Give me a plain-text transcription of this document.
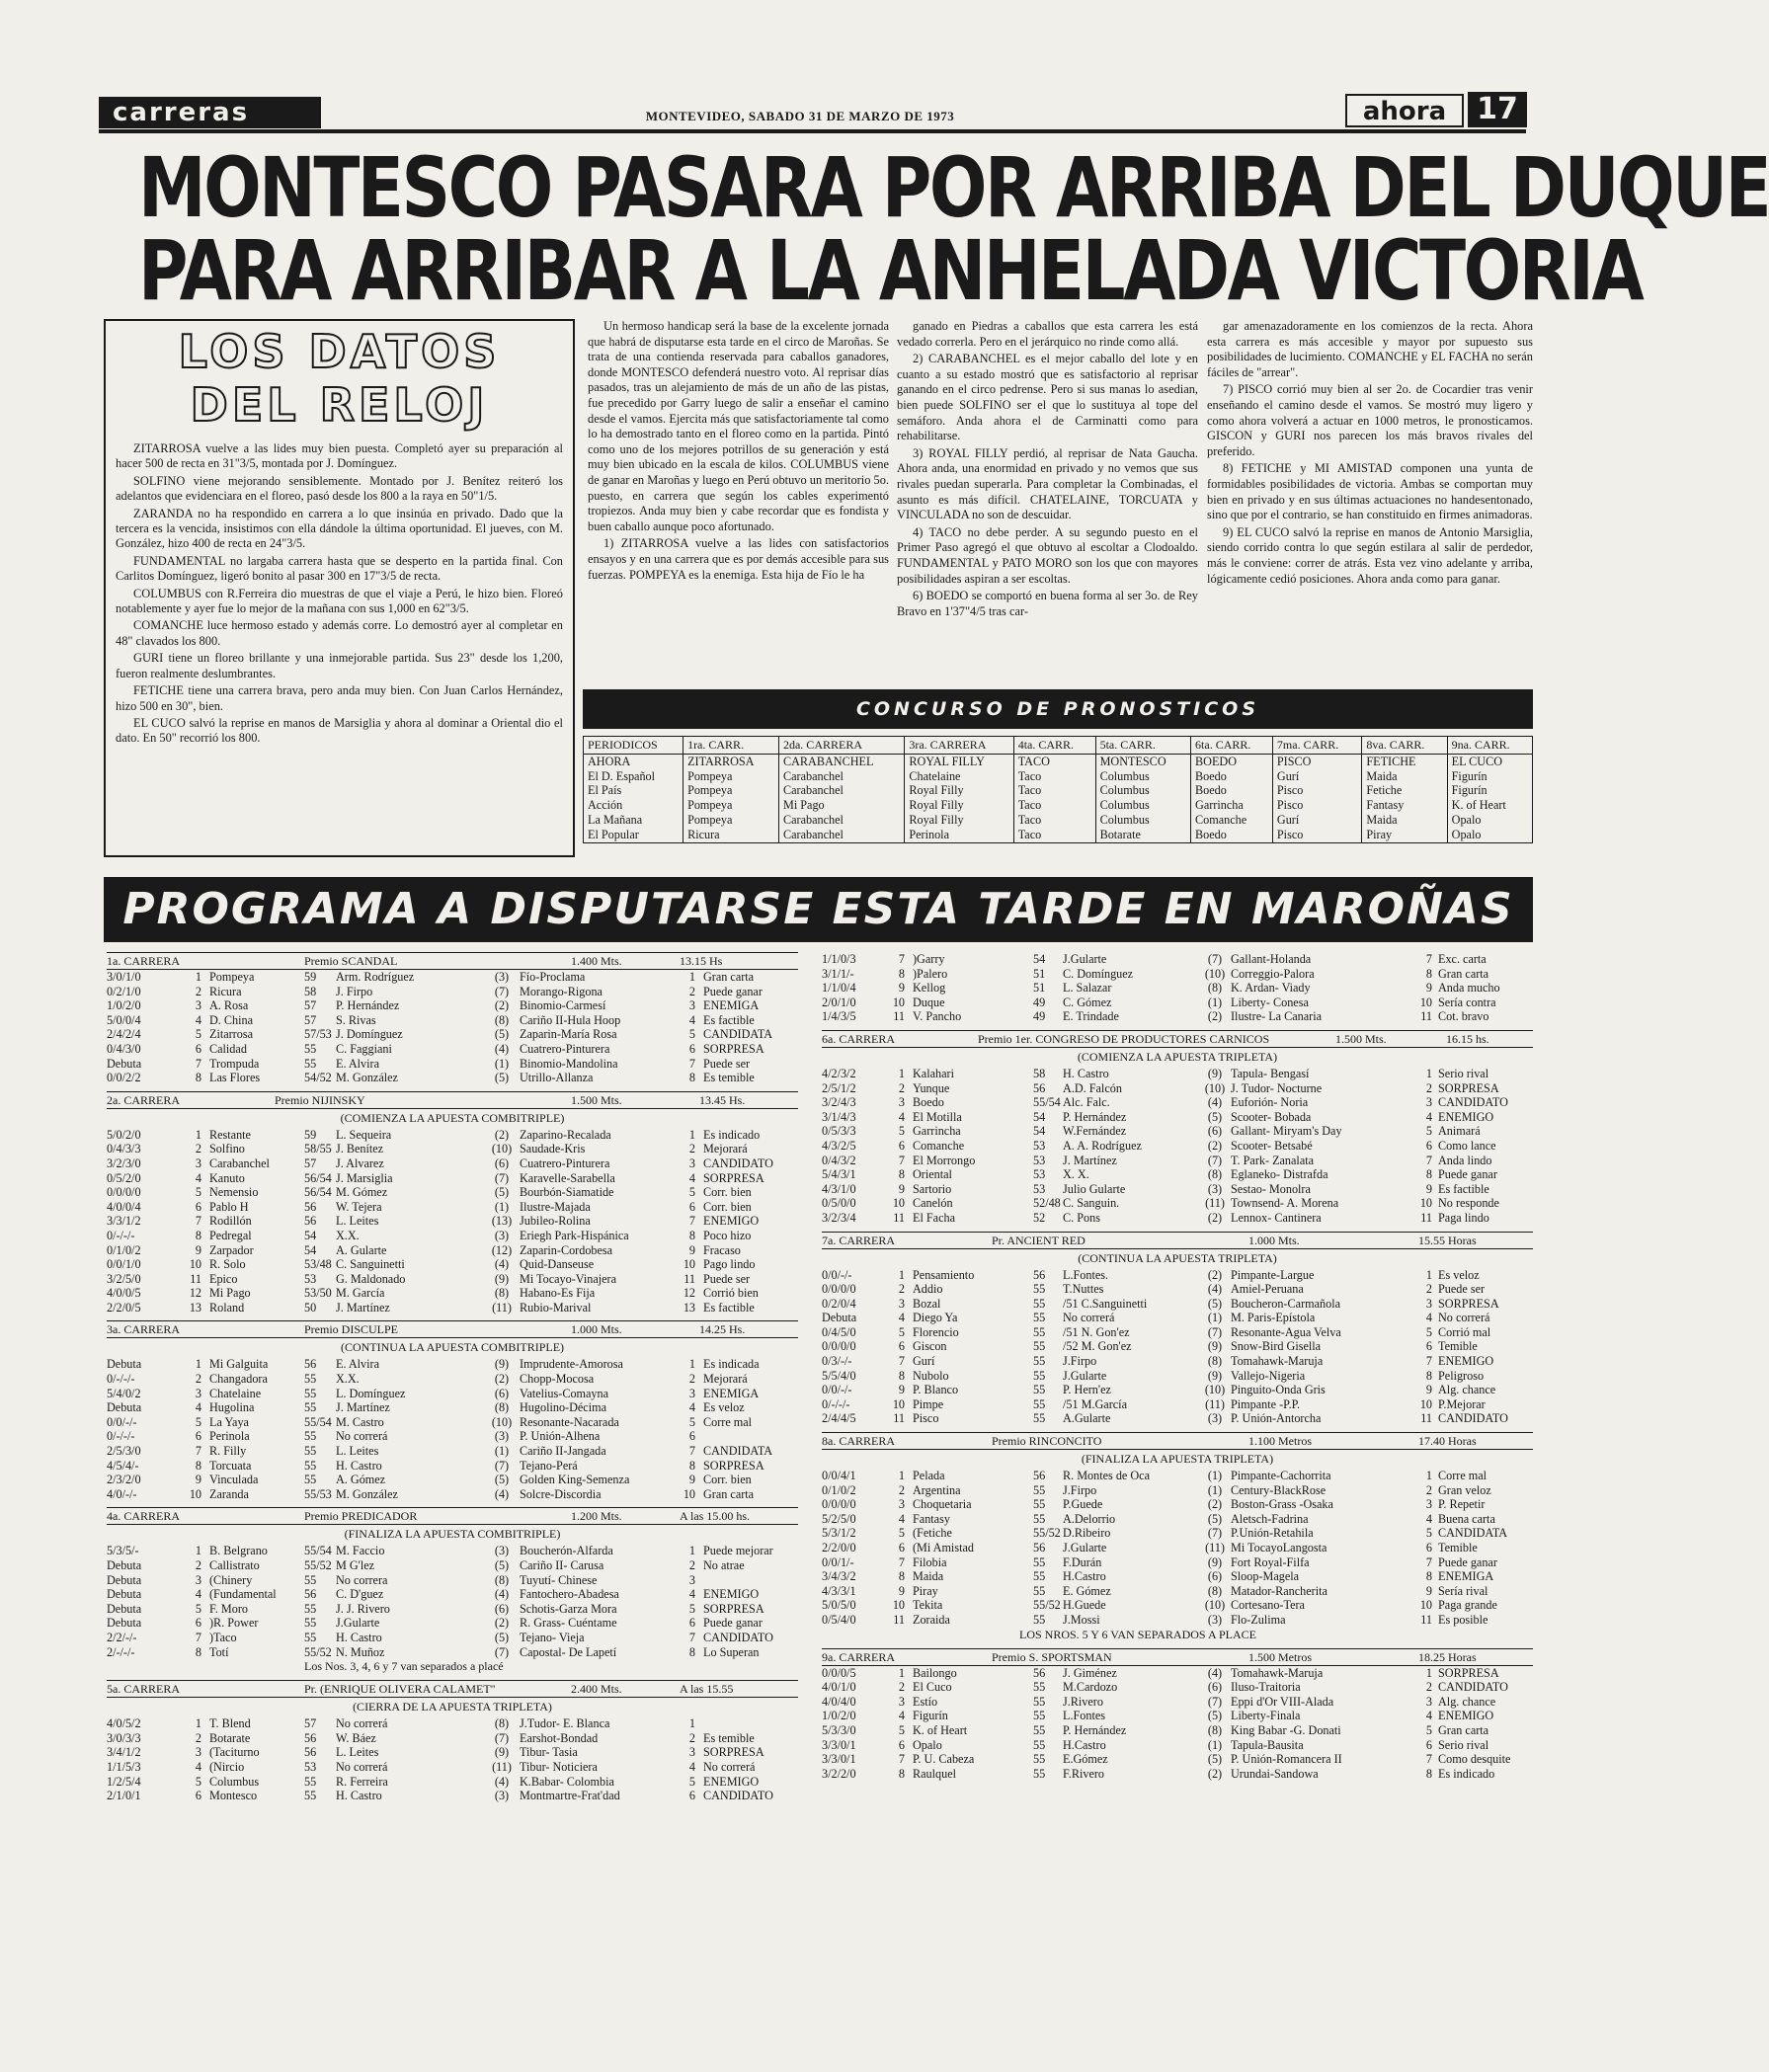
carreras	MONTEVIDEO, SABADO 31 DE MARZO DE 1973	ahora	17
MONTESCO PASARA POR ARRIBA DEL DUQUE
PARA ARRIBAR A LA ANHELADA VICTORIA
LOS DATOS
DEL RELOJ

ZITARROSA vuelve a las lides muy bien puesta. Completó ayer su preparación al hacer 500 de recta en 31"3/5, montada por J. Domínguez.

SOLFINO viene mejorando sensiblemente. Montado por J. Benítez reiteró los adelantos que evidenciara en el floreo, pasó desde los 800 a la raya en 50"1/5.

ZARANDA no ha respondido en carrera a lo que insinúa en privado. Dado que la tercera es la vencida, insistimos con ella dándole la última oportunidad. El jueves, con M. González, hizo 400 de recta en 24"3/5.

FUNDAMENTAL no largaba carrera hasta que se desperto en la partida final. Con Carlitos Domínguez, ligeró bonito al pasar 300 en 17"3/5 de recta.

COLUMBUS con R.Ferreira dio muestras de que el viaje a Perú, le hizo bien. Floreó notablemente y ayer fue lo mejor de la mañana con sus 1,000 en 62"3/5.

COMANCHE luce hermoso estado y además corre. Lo demostró ayer al completar en 48" clavados los 800.

GURI tiene un floreo brillante y una inmejorable partida. Sus 23" desde los 1,200, fueron realmente deslumbrantes.

FETICHE tiene una carrera brava, pero anda muy bien. Con Juan Carlos Hernández, hizo 500 en 30", bien.

EL CUCO salvó la reprise en manos de Marsiglia y ahora al dominar a Oriental dio el dato. En 50" recorrió los 800.

Un hermoso handicap será la base de la excelente jornada que habrá de disputarse esta tarde en el circo de Maroñas. Se trata de una contienda reservada para caballos ganadores, donde MONTESCO defenderá nuestro voto. Al reprisar días pasados, tras un alejamiento de más de un año de las pistas, fue precedido por Garry luego de salir a enseñar el camino desde el vamos. Ejercita más que satisfactoriamente tal como lo ha demostrado tanto en el floreo como en la partida. Pintó como uno de los mejores potrillos de su generación y está muy bien ubicado en la escala de kilos. COLUMBUS viene de ganar en Maroñas y luego en Perú obtuvo un meritorio 5o. puesto, en carrera que según los cables experimentó tropiezos. Anda muy bien y cabe recordar que es fondista y buen caballo aunque poco afortunado.

1) ZITARROSA vuelve a las lides con satisfactorios ensayos y en una carrera que es por demás accesible para sus fuerzas. POMPEYA es la enemiga. Esta hija de Fío le ha

ganado en Piedras a caballos que esta carrera les está vedado correrla. Pero en el jerárquico no rinde como allá.

2) CARABANCHEL es el mejor caballo del lote y en cuanto a su estado mostró que es satisfactorio al reprisar ganando en el circo pedrense. Pero si sus manas lo asedian, bien puede SOLFINO ser el que lo sustituya al tope del semáforo. Anda ahora el de Carminatti como para rehabilitarse.

3) ROYAL FILLY perdió, al reprisar de Nata Gaucha. Ahora anda, una enormidad en privado y no vemos que sus rivales puedan superarla. Para completar la Combinadas, el asunto es más difícil. CHATELAINE, TORCUATA y VINCULADA no son de descuidar.

4) TACO no debe perder. A su segundo puesto en el Primer Paso agregó el que obtuvo al escoltar a Clodoaldo. FUNDAMENTAL y PATO MORO son los que con mayores posibilidades aspiran a ser escoltas.

6) BOEDO se comportó en buena forma al ser 3o. de Rey Bravo en 1'37"4/5 tras car-

gar amenazadoramente en los comienzos de la recta. Ahora esta carrera es más accesible y mayor por supuesto sus posibilidades de lucimiento. COMANCHE y EL FACHA no serán fáciles de "arrear".

7) PISCO corrió muy bien al ser 2o. de Cocardier tras venir enseñando el camino desde el vamos. Se mostró muy ligero y como ahora volverá a actuar en 1000 metros, le pronosticamos. GISCON y GURI nos parecen los más bravos rivales del preferido.

8) FETICHE y MI AMISTAD componen una yunta de formidables posibilidades de victoria. Ambas se comportan muy bien en privado y en sus últimas actuaciones no handesentonado, sino que por el contrario, se han constituido en firmes animadoras.

9) EL CUCO salvó la reprise en manos de Antonio Marsiglia, siendo corrido contra lo que según estilara al salir de perdedor, más le conviene: correr de atrás. Esta vez vino adelante y arriba, lógicamente cedió posiciones. Ahora anda como para ganar.

CONCURSO DE PRONOSTICOS
PERIODICOS	1ra. CARR.	2da. CARRERA	3ra. CARRERA	4ta. CARR.	5ta. CARR.	6ta. CARR.	7ma. CARR.	8va. CARR.	9na. CARR.
AHORA	ZITARROSA	CARABANCHEL	ROYAL FILLY	TACO	MONTESCO	BOEDO	PISCO	FETICHE	EL CUCO
El D. Español	Pompeya	Carabanchel	Chatelaine	Taco	Columbus	Boedo	Gurí	Maida	Figurín
El País	Pompeya	Carabanchel	Royal Filly	Taco	Columbus	Boedo	Pisco	Fetiche	Figurín
Acción	Pompeya	Mi Pago	Royal Filly	Taco	Columbus	Garrincha	Pisco	Fantasy	K. of Heart
La Mañana	Pompeya	Carabanchel	Royal Filly	Taco	Columbus	Comanche	Gurí	Maida	Opalo
El Popular	Ricura	Carabanchel	Perinola	Taco	Botarate	Boedo	Pisco	Piray	Opalo
PROGRAMA A DISPUTARSE ESTA TARDE EN MAROÑAS
1a. CARRERA	Premio SCANDAL	1.400 Mts.	13.15 Hs
3/0/1/0	1 Pompeya	59 Arm. Rodríguez	(3) Fío-Proclama	1 Gran carta
0/2/1/0	2 Ricura	58 J. Firpo	(7) Morango-Rigona	2 Puede ganar
1/0/2/0	3 A. Rosa	57 P. Hernández	(2) Binomio-Carmesí	3 ENEMIGA
5/0/0/4	4 D. China	57 S. Rivas	(8) Cariño II-Hula Hoop	4 Es factible
2/4/2/4	5 Zitarrosa	57/53 J. Domínguez	(5) Zaparin-María Rosa	5 CANDIDATA
0/4/3/0	6 Calidad	55 C. Faggiani	(4) Cuatrero-Pinturera	6 SORPRESA
Debuta	7 Trompuda	55 E. Alvira	(1) Binomio-Mandolina	7 Puede ser
0/0/2/2	8 Las Flores	54/52 M. González	(5) Utrillo-Allanza	8 Es temible
2a. CARRERA	Premio NIJINSKY	1.500 Mts.	13.45 Hs.
(COMIENZA LA APUESTA COMBITRIPLE)
5/0/2/0	1 Restante	59 L. Sequeira	(2) Zaparino-Recalada	1 Es indicado
0/4/3/3	2 Solfino	58/55 J. Benítez	(10) Saudade-Kris	2 Mejorará
3/2/3/0	3 Carabanchel	57 J. Alvarez	(6) Cuatrero-Pinturera	3 CANDIDATO
0/5/2/0	4 Kanuto	56/54 J. Marsiglia	(7) Karavelle-Sarabella	4 SORPRESA
0/0/0/0	5 Nemensio	56/54 M. Gómez	(5) Bourbón-Siamatide	5 Corr. bien
4/0/0/4	6 Pablo H	56 W. Tejera	(1) Ilustre-Majada	6 Corr. bien
3/3/1/2	7 Rodillón	56 L. Leites	(13) Jubileo-Rolina	7 ENEMIGO
0/-/-/-	8 Pedregal	54 X.X.	(3) Eriegh Park-Hispánica	8 Poco hizo
0/1/0/2	9 Zarpador	54 A. Gularte	(12) Zaparin-Cordobesa	9 Fracaso
0/0/1/0	10 R. Solo	53/48 C. Sanguinetti	(4) Quid-Danseuse	10 Pago lindo
3/2/5/0	11 Epico	53 G. Maldonado	(9) Mi Tocayo-Vinajera	11 Puede ser
4/0/0/5	12 Mi Pago	53/50 M. García	(8) Habano-Es Fija	12 Corrió bien
2/2/0/5	13 Roland	50 J. Martínez	(11) Rubio-Marival	13 Es factible
3a. CARRERA	Premio DISCULPE	1.000 Mts.	14.25 Hs.
(CONTINUA LA APUESTA COMBITRIPLE)
Debuta	1 Mi Galguita	56 E. Alvira	(9) Imprudente-Amorosa	1 Es indicada
0/-/-/-	2 Changadora	55 X.X.	(2) Chopp-Mocosa	2 Mejorará
5/4/0/2	3 Chatelaine	55 L. Domínguez	(6) Vatelius-Comayna	3 ENEMIGA
Debuta	4 Hugolina	55 J. Martínez	(8) Hugolino-Décima	4 Es veloz
0/0/-/-	5 La Yaya	55/54 M. Castro	(10) Resonante-Nacarada	5 Corre mal
0/-/-/-	6 Perinola	55 No correrá	(3) P. Unión-Alhena	6
2/5/3/0	7 R. Filly	55 L. Leites	(1) Cariño II-Jangada	7 CANDIDATA
4/5/4/-	8 Torcuata	55 H. Castro	(7) Tejano-Perá	8 SORPRESA
2/3/2/0	9 Vinculada	55 A. Gómez	(5) Golden King-Semenza	9 Corr. bien
4/0/-/-	10 Zaranda	55/53 M. González	(4) Solcre-Discordia	10 Gran carta
4a. CARRERA	Premio PREDICADOR	1.200 Mts.	A las 15.00 hs.
(FINALIZA LA APUESTA COMBITRIPLE)
5/3/5/-	1 B. Belgrano	55/54 M. Faccio	(3) Boucherón-Alfarda	1 Puede mejorar
Debuta	2 Callistrato	55/52 M G'lez	(5) Cariño II- Carusa	2 No atrae
Debuta	3 (Chinery	55 No correra	(8) Tuyutí- Chinese	3
Debuta	4 (Fundamental 56 C. D'guez	(4) Fantochero-Abadesa	4 ENEMIGO
Debuta	5 F. Moro	55 J. J. Rivero	(6) Schotis-Garza Mora	5 SORPRESA
Debuta	6 )R. Power	55 J.Gularte	(2) R. Grass- Cuéntame	6 Puede ganar
2/2/-/-	7 )Taco	55 H. Castro	(5) Tejano- Vieja	7 CANDIDATO
2/-/-/-	8 Totí	55/52 N. Muñoz	(7) Capostal- De Lapetí	8 Lo Superan
Los Nos. 3, 4, 6 y 7 van separados a placé
5a. CARRERA	Pr. (ENRIQUE OLIVERA CALAMET"	2.400 Mts.	A las 15.55
(CIERRA DE LA APUESTA TRIPLETA)
4/0/5/2	1 T. Blend	57 No correrá	(8) J.Tudor- E. Blanca	1
3/0/3/3	2 Botarate	56 W. Báez	(7) Earshot-Bondad	2 Es temible
3/4/1/2	3 (Taciturno	56 L. Leites	(9) Tibur- Tasia	3 SORPRESA
1/1/5/3	4 (Nircio	53 No correrá	(11) Tibur- Noticiera	4 No correrá
1/2/5/4	5 Columbus	55 R. Ferreira	(4) K.Babar- Colombia	5 ENEMIGO
2/1/0/1	6 Montesco	55 H. Castro	(3) Montmartre-Frat'dad	6 CANDIDATO
1/1/0/3	7 )Garry	54 J.Gularte	(7) Gallant-Holanda	7 Exc. carta
3/1/1/-	8 )Palero	51 C. Domínguez	(10) Correggio-Palora	8 Gran carta
1/1/0/4	9 Kellog	51 L. Salazar	(8) K. Ardan- Viady	9 Anda mucho
2/0/1/0	10 Duque	49 C. Gómez	(1) Liberty- Conesa	10 Sería contra
1/4/3/5	11 V. Pancho	49 E. Trindade	(2) Ilustre- La Canaria	11 Cot. bravo
6a. CARRERA	Premio 1er. CONGRESO DE PRODUCTORES CARNICOS	1.500 Mts.	16.15 hs.
(COMIENZA LA APUESTA TRIPLETA)
4/2/3/2	1 Kalahari	58 H. Castro	(9) Tapula- Bengasí	1 Serio rival
2/5/1/2	2 Yunque	56 A.D. Falcón	(10) J. Tudor- Nocturne	2 SORPRESA
3/2/4/3	3 Boedo	55/54 Alc. Falc.	(4) Euforión- Noria	3 CANDIDATO
3/1/4/3	4 El Motilla	54 P. Hernández	(5) Scooter- Bobada	4 ENEMIGO
0/5/3/3	5 Garrincha	54 W.Fernández	(6) Gallant- Miryam's Day	5 Animará
4/3/2/5	6 Comanche	53 A. A. Rodríguez	(2) Scooter- Betsabé	6 Como lance
0/4/3/2	7 El Morrongo	53 J. Martínez	(7) T. Park- Zanalata	7 Anda lindo
5/4/3/1	8 Oriental	53 X. X.	(8) Eglaneko- Distrafda	8 Puede ganar
4/3/1/0	9 Sartorio	53 Julio Gularte	(3) Sestao- Monolra	9 Es factible
0/5/0/0	10 Canelón	52/48 C. Sanguin.	(11) Townsend- A. Morena	10 No responde
3/2/3/4	11 El Facha	52 C. Pons	(2) Lennox- Cantinera	11 Paga lindo
7a. CARRERA	Pr. ANCIENT RED	1.000 Mts.	15.55 Horas
(CONTINUA LA APUESTA TRIPLETA)
0/0/-/-	1 Pensamiento	56 L.Fontes.	(2) Pimpante-Largue	1 Es veloz
0/0/0/0	2 Addio	55 T.Nuttes	(4) Amiel-Peruana	2 Puede ser
0/2/0/4	3 Bozal	55 /51 C.Sanguinetti	(5) Boucheron-Carmañola	3 SORPRESA
Debuta	4 Diego Ya	55 No correrá	(1) M. Paris-Epístola	4 No correrá
0/4/5/0	5 Florencio	55 /51 N. Gon'ez	(7) Resonante-Agua Velva	5 Corrió mal
0/0/0/0	6 Giscon	55 /52 M. Gon'ez	(9) Snow-Bird Gisella	6 Temible
0/3/-/-	7 Gurí	55 J.Firpo	(8) Tomahawk-Maruja	7 ENEMIGO
5/5/4/0	8 Nubolo	55 J.Gularte	(9) Vallejo-Nigeria	8 Peligroso
0/0/-/-	9 P. Blanco	55 P. Hern'ez	(10) Pinguito-Onda Gris	9 Alg. chance
0/-/-/-	10 Pimpe	55 /51 M.García	(11) Pimpante -P.P.	10 P.Mejorar
2/4/4/5	11 Pisco	55 A.Gularte	(3) P. Unión-Antorcha	11 CANDIDATO
8a. CARRERA	Premio RINCONCITO	1.100 Metros	17.40 Horas
(FINALIZA LA APUESTA TRIPLETA)
0/0/4/1	1 Pelada	56 R. Montes de Oca	(1) Pimpante-Cachorrita	1 Corre mal
0/1/0/2	2 Argentina	55 J.Firpo	(1) Century-BlackRose	2 Gran veloz
0/0/0/0	3 Choquetaria	55 P.Guede	(2) Boston-Grass -Osaka	3 P. Repetir
5/2/5/0	4 Fantasy	55 A.Delorrio	(5) Aletsch-Fadrina	4 Buena carta
5/3/1/2	5 (Fetiche	55/52 D.Ribeiro	(7) P.Unión-Retahila	5 CANDIDATA
2/2/0/0	6 (Mi Amistad	56 J.Gularte	(11) Mi TocayoLangosta	6 Temible
0/0/1/-	7 Filobia	55 F.Durán	(9) Fort Royal-Filfa	7 Puede ganar
3/4/3/2	8 Maida	55 H.Castro	(6) Sloop-Magela	8 ENEMIGA
4/3/3/1	9 Piray	55 E. Gómez	(8) Matador-Rancherita	9 Sería rival
5/0/5/0	10 Tekita	55/52 H.Guede	(10) Cortesano-Tera	10 Paga grande
0/5/4/0	11 Zoraida	55 J.Mossi	(3) Flo-Zulima	11 Es posible
LOS NROS. 5 Y 6 VAN SEPARADOS A PLACE
9a. CARRERA	Premio S. SPORTSMAN	1.500 Metros	18.25 Horas
0/0/0/5	1 Bailongo	56 J. Giménez	(4) Tomahawk-Maruja	1 SORPRESA
4/0/1/0	2 El Cuco	55 M.Cardozo	(6) Iluso-Traitoria	2 CANDIDATO
4/0/4/0	3 Estío	55 J.Rivero	(7) Eppi d'Or VIII-Alada	3 Alg. chance
1/0/2/0	4 Figurín	55 L.Fontes	(5) Liberty-Finala	4 ENEMIGO
5/3/3/0	5 K. of Heart	55 P. Hernández	(8) King Babar -G. Donati	5 Gran carta
3/3/0/1	6 Opalo	55 H.Castro	(1) Tapula-Bausita	6 Serio rival
3/3/0/1	7 P. U. Cabeza	55 E.Gómez	(5) P. Unión-Romancera II	7 Como desquite
3/2/2/0	8 Raulquel	55 F.Rivero	(2) Urundai-Sandowa	8 Es indicado
